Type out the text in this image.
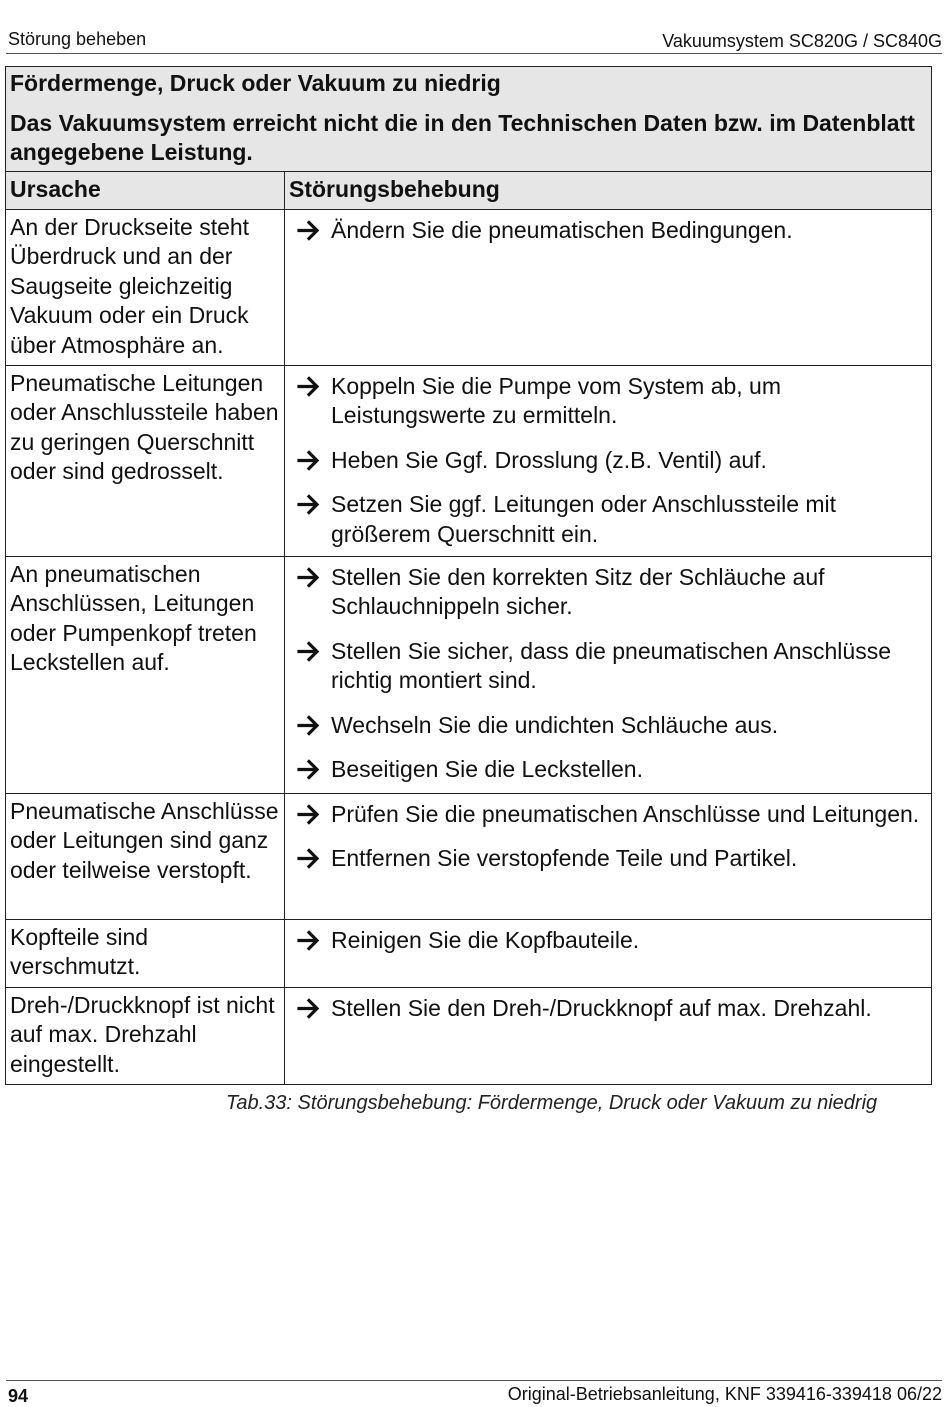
Störung beheben	Vakuumsystem SC820G / SC840G
Fördermenge, Druck oder Vakuum zu niedrig
Das Vakuumsystem erreicht nicht die in den Technischen Daten bzw. im Datenblatt angegebene Leistung.	

Ursache	Störungsbehebung
An der Druckseite steht Überdruck und an der Saugseite gleichzeitig Vakuum oder ein Druck über Atmosphäre an.	Ändern Sie die pneumatischen Bedingungen.

Pneumatische Leitungen oder Anschlussteile haben zu geringen Querschnitt oder sind gedrosselt.	Koppeln Sie die Pumpe vom System ab, um Leistungswerte zu ermitteln.
Heben Sie Ggf. Drosslung (z.B. Ventil) auf.
Setzen Sie ggf. Leitungen oder Anschlussteile mit größerem Querschnitt ein.

An pneumatischen Anschlüssen, Leitungen oder Pumpenkopf treten Leckstellen auf.	Stellen Sie den korrekten Sitz der Schläuche auf Schlauchnippeln sicher.
Stellen Sie sicher, dass die pneumatischen Anschlüsse richtig montiert sind.
Wechseln Sie die undichten Schläuche aus.
Beseitigen Sie die Leckstellen.

Pneumatische Anschlüsse oder Leitungen sind ganz oder teilweise verstopft.	Prüfen Sie die pneumatischen Anschlüsse und Leitungen.
Entfernen Sie verstopfende Teile und Partikel.

Kopfteile sind verschmutzt.	Reinigen Sie die Kopfbauteile.

Dreh-/Druckknopf ist nicht auf max. Drehzahl eingestellt.	Stellen Sie den Dreh-/Druckknopf auf max. Drehzahl.
Tab.33: Störungsbehebung: Fördermenge, Druck oder Vakuum zu niedrig
94	Original-Betriebsanleitung, KNF 339416-339418 06/22
